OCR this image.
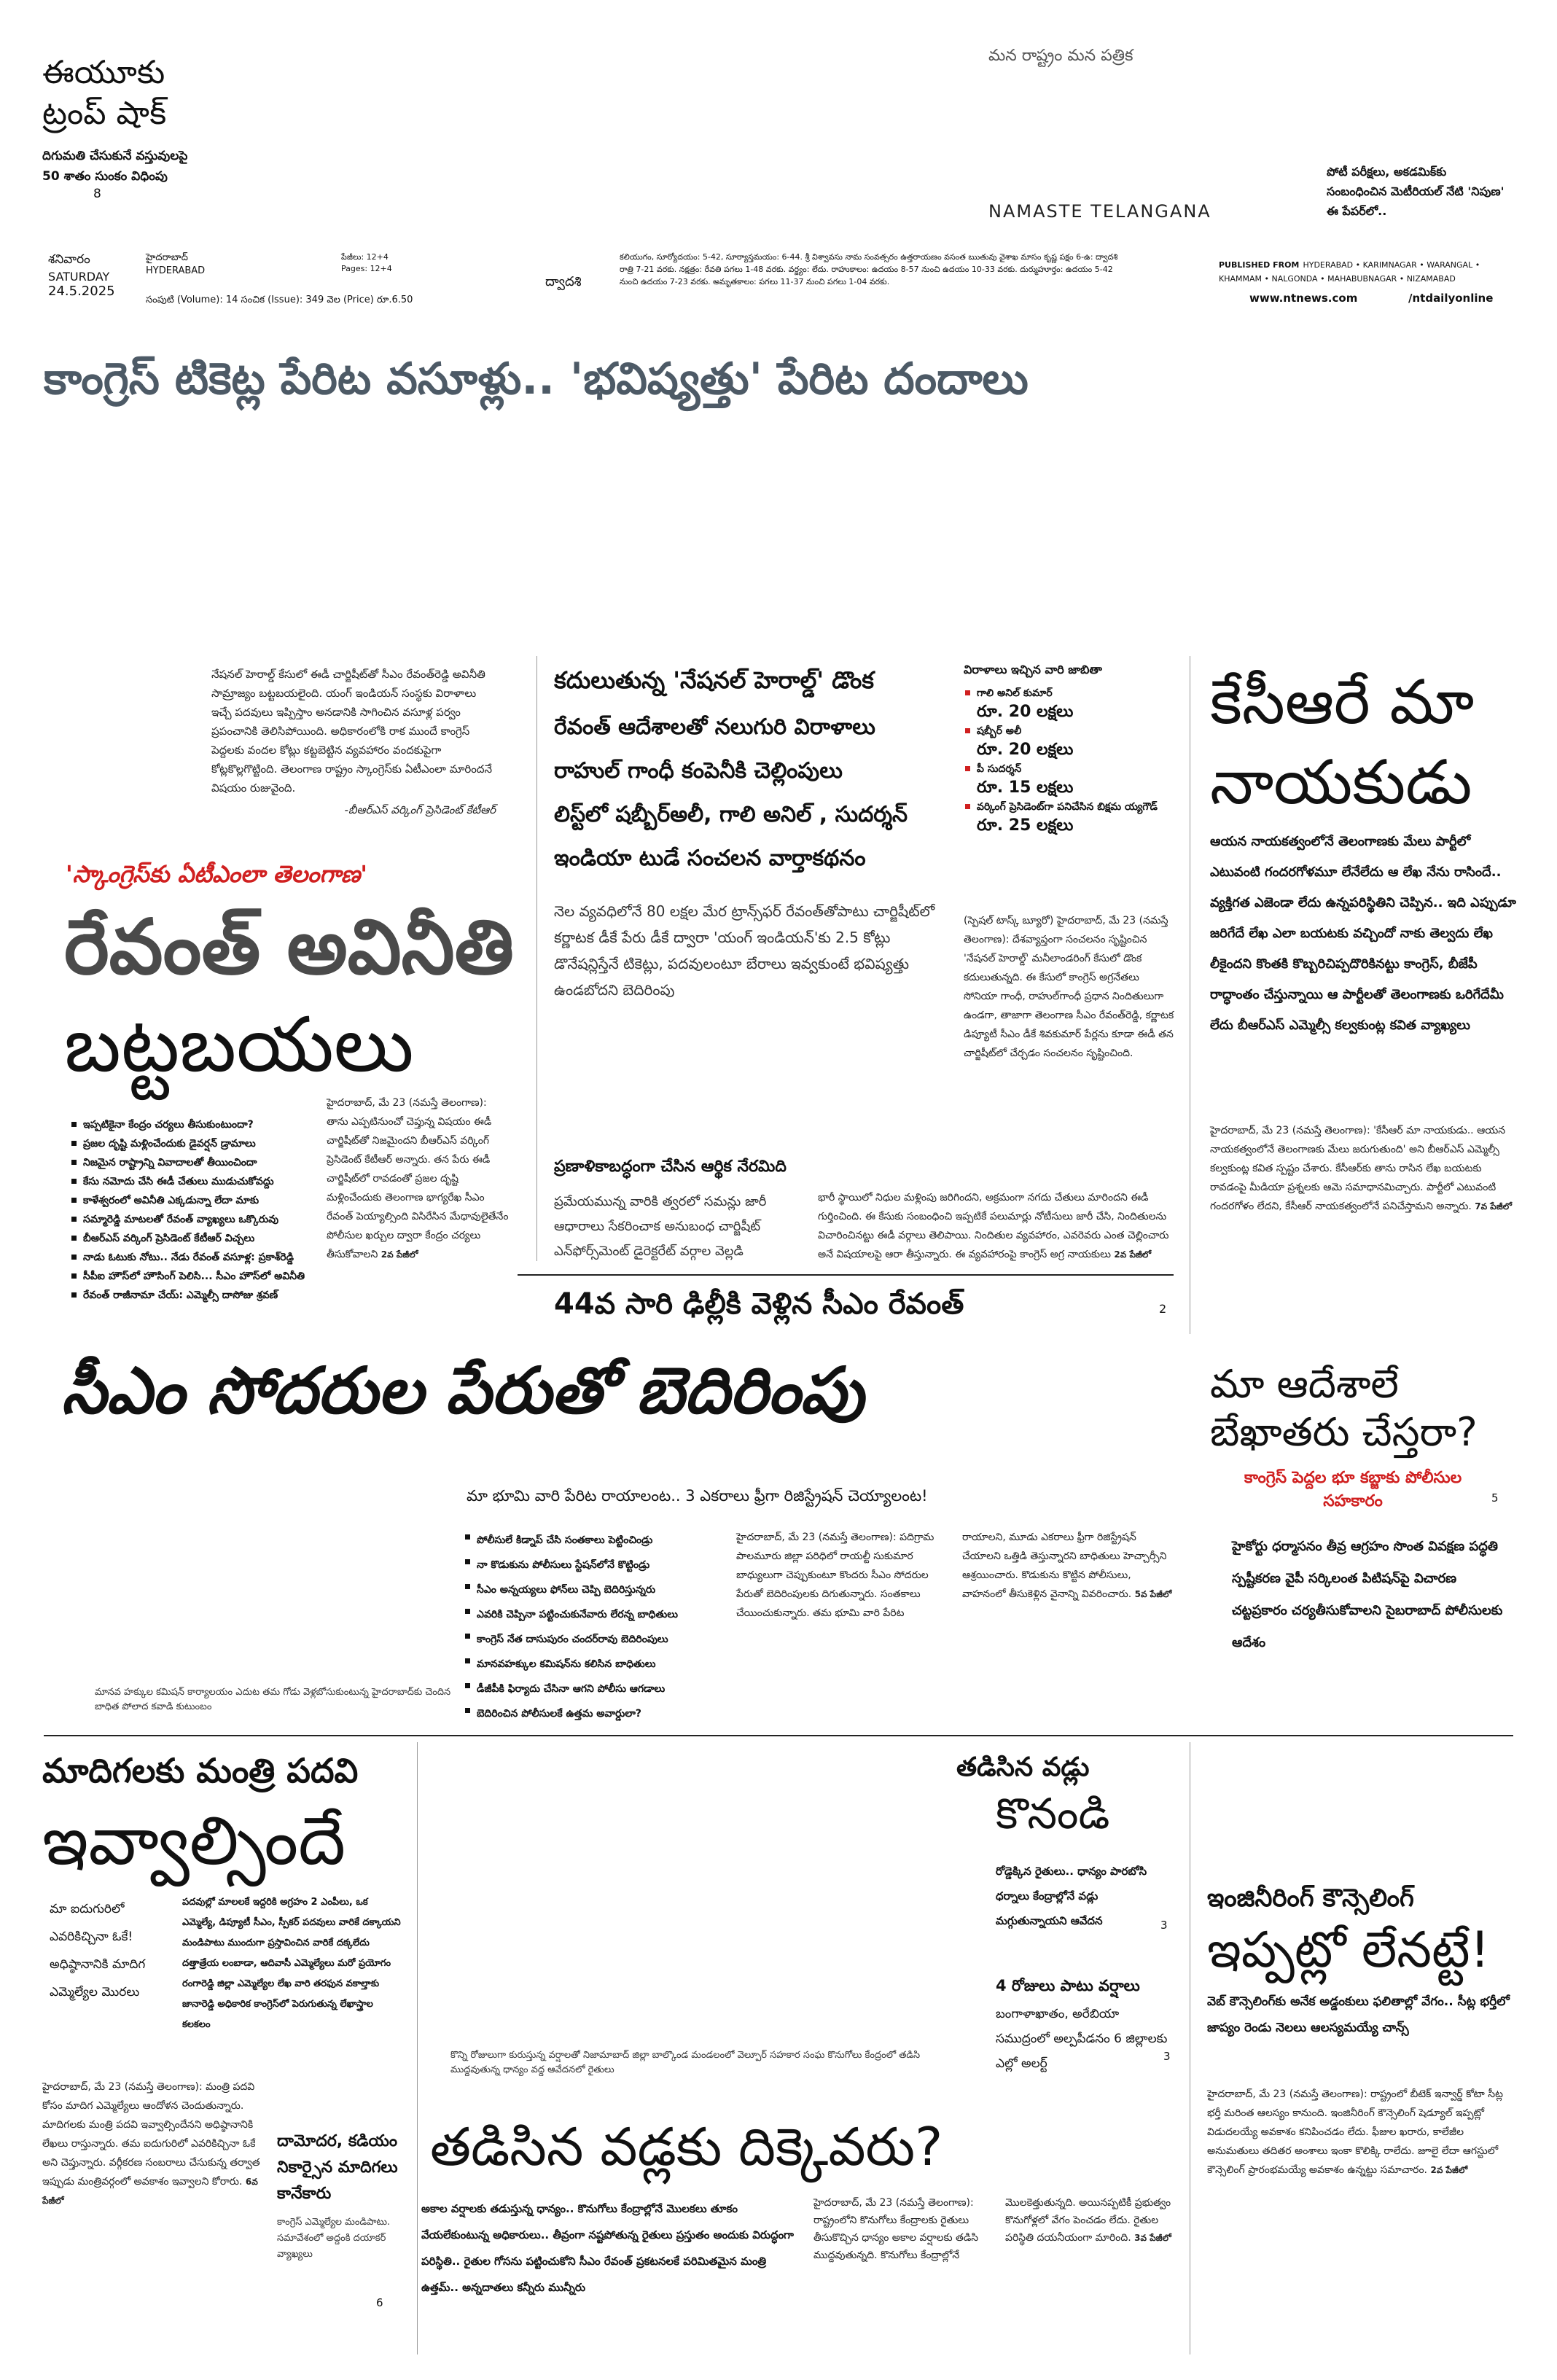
ఈయూకు ట్రంప్ షాక్
దిగుమతి చేసుకునే వస్తువులపై 50 శాతం సుంకం విధింపు
8
మన రాష్ట్రం మన పత్రిక
NAMASTE TELANGANA
పోటీ పరీక్షలు, అకడమిక్‌కు సంబంధించిన మెటీరియల్ నేటి 'నిపుణ' ఈ పేపర్‌లో..
శనివారం
SATURDAY
24.5.2025
హైదరాబాద్
HYDERABAD
పేజీలు: 12+4
Pages: 12+4
సంపుటి (Volume): 14 సంచిక (Issue): 349 వెల (Price) రూ.6.50
ద్వాదశి
కలియుగం, సూర్యోదయం: 5-42, సూర్యాస్తమయం: 6-44. శ్రీ విశ్వావసు నామ సంవత్సరం ఉత్తరాయణం వసంత ఋతువు వైశాఖ మాసం కృష్ణ పక్షం 6-ఉ: ద్వాదశి రాత్రి 7-21 వరకు. నక్షత్రం: రేవతి పగలు 1-48 వరకు. వర్జ్యం: లేదు. రాహుకాలం: ఉదయం 8-57 నుంచి ఉదయం 10-33 వరకు. దుర్ముహూర్తం: ఉదయం 5-42 నుంచి ఉదయం 7-23 వరకు. అమృతకాలం: పగలు 11-37 నుంచి పగలు 1-04 వరకు.
PUBLISHED FROM HYDERABAD • KARIMNAGAR • WARANGAL • KHAMMAM • NALGONDA • MAHABUBNAGAR • NIZAMABAD
www.ntnews.com	/ntdailyonline
కాంగ్రెస్ టికెట్ల పేరిట వసూళ్లు.. 'భవిష్యత్తు' పేరిట దందాలు
నేషనల్ హెరాల్డ్ కేసులో ఈడీ చార్జిషీట్‌తో సీఎం రేవంత్‌రెడ్డి అవినీతి సామ్రాజ్యం బట్టబయలైంది. యంగ్ ఇండియన్ సంస్థకు విరాళాలు ఇచ్చే పదవులు ఇప్పిస్తాం అనడానికి సాగించిన వసూళ్ల పర్వం ప్రపంచానికి తెలిసిపోయింది. అధికారంలోకి రాక ముందే కాంగ్రెస్ పెద్దలకు వందల కోట్లు కట్టబెట్టిన వ్యవహారం వందకుపైగా కోట్లకొల్లగొట్టింది. తెలంగాణ రాష్ట్రం స్కాంగ్రెస్‌కు ఏటీఎంలా మారిందనే విషయం రుజువైంది.
-బీఆర్‌ఎస్ వర్కింగ్ ప్రెసిడెంట్ కేటీఆర్
'స్కాంగ్రెస్‌కు ఏటీఎంలా తెలంగాణ'
రేవంత్ అవినీతి
బట్టబయలు
ఇప్పటికైనా కేంద్రం చర్యలు తీసుకుంటుందా?
ప్రజల దృష్టి మళ్లించేందుకు డైవర్షన్ డ్రామాలు
నిజమైన రాష్ట్రాన్ని వివాదాలతో తీయించిందా
కేసు నమోదు చేసి ఈడీ చేతులు ముడుచుకోవద్దు
కాళేశ్వరంలో అవినీతి ఎక్కడున్నా లేదా మాకు
సమ్మారెడ్డి మాటలతో రేవంత్ వ్యాఖ్యలు ఒక్కొరువు
బీఆర్‌ఎస్ వర్కింగ్ ప్రెసిడెంట్ కేటీఆర్ విచ్చలు
నాడు ఓటుకు నోటు.. నేడు రేవంత్ వసూళ్ల: ప్రకాశ్‌రెడ్డి
సీపీఐ హౌస్‌లో హౌసింగ్ పెలిసి... సీఎం హౌస్‌లో అవినీతి
రేవంత్ రాజీనామా చేయ్: ఎమ్మెల్సీ దాసోజు శ్రవణ్
హైదరాబాద్, మే 23 (నమస్తే తెలంగాణ): తాను ఎప్పటినుంచో చెప్తున్న విషయం ఈడీ చార్జిషీట్‌తో నిజమైందని బీఆర్‌ఎస్ వర్కింగ్ ప్రెసిడెంట్ కేటీఆర్ అన్నారు. తన పేరు ఈడీ చార్జిషీట్‌లో రావడంతో ప్రజల దృష్టి మళ్లించేందుకు తెలంగాణ భాగ్యరేఖ సీఎం రేవంత్ పెయ్యాల్సింది విసిరేసిన మేధావులైతేనేం పోలీసుల ఖర్చుల ద్వారా కేంద్రం చర్యలు తీసుకోవాలని 2వ పేజీలో
కదులుతున్న 'నేషనల్ హెరాల్డ్' డొంక
రేవంత్ ఆదేశాలతో నలుగురి విరాళాలు
రాహుల్ గాంధీ కంపెనీకి చెల్లింపులు
లిస్ట్‌లో షబ్బీర్‌అలీ, గాలి అనిల్ , సుదర్శన్
ఇండియా టుడే సంచలన వార్తాకథనం
విరాళాలు ఇచ్చిన వారి జాబితా
గాలి అనిల్ కుమార్
రూ. 20 లక్షలు
షబ్బీర్ అలీ
రూ. 20 లక్షలు
పీ సుదర్శన్
రూ. 15 లక్షలు
వర్కింగ్ ప్రెసిడెంట్‌గా పనిచేసిన బిక్షమ య్యగౌడ్
రూ. 25 లక్షలు
నెల వ్యవధిలోనే 80 లక్షల మేర ట్రాన్స్‌ఫర్ రేవంత్‌తోపాటు చార్జిషీట్‌లో కర్ణాటక డీకే పేరు డీకే ద్వారా 'యంగ్ ఇండియన్'కు 2.5 కోట్లు డొనేషన్లిస్తేనే టికెట్లు, పదవులంటూ బేరాలు ఇవ్వకుంటే భవిష్యత్తు ఉండబోదని బెదిరింపు
(స్పెషల్ టాస్క్ బ్యూరో) హైదరాబాద్, మే 23 (నమస్తే తెలంగాణ): దేశవ్యాప్తంగా సంచలనం సృష్టించిన 'నేషనల్ హెరాల్డ్' మనీలాండరింగ్ కేసులో డొంక కదులుతున్నది. ఈ కేసులో కాంగ్రెస్ అగ్రనేతలు సోనియా గాంధీ, రాహుల్‌గాంధీ ప్రధాన నిందితులుగా ఉండగా, తాజాగా తెలంగాణ సీఎం రేవంత్‌రెడ్డి, కర్ణాటక డిప్యూటీ సీఎం డీకే శివకుమార్ పేర్లను కూడా ఈడీ తన చార్జిషీట్‌లో చేర్చడం సంచలనం సృష్టించింది.
భారీ స్థాయిలో నిధుల మళ్లింపు జరిగిందని, అక్రమంగా నగదు చేతులు మారిందని ఈడీ గుర్తించింది. ఈ కేసుకు సంబంధించి ఇప్పటికే పలుమార్లు నోటీసులు జారీ చేసి, నిందితులను విచారించినట్టు ఈడీ వర్గాలు తెలిపాయి. నిందితుల వ్యవహారం, ఎవరెవరు ఎంత చెల్లించారు అనే విషయాలపై ఆరా తీస్తున్నారు. ఈ వ్యవహారంపై కాంగ్రెస్ అగ్ర నాయకులు 2వ పేజీలో
ప్రణాళికాబద్ధంగా చేసిన ఆర్థిక నేరమిది
ప్రమేయమున్న వారికి త్వరలో సమన్లు జారీ ఆధారాలు సేకరించాక అనుబంధ చార్జిషీట్ ఎన్‌ఫోర్స్‌మెంట్ డైరెక్టరేట్ వర్గాల వెల్లడి
44వ సారి ఢిల్లీకి వెళ్లిన సీఎం రేవంత్	2
కేసీఆరే మా
నాయకుడు
ఆయన నాయకత్వంలోనే తెలంగాణకు మేలు పార్టీలో ఎటువంటి గందరగోళమూ లేనేలేదు ఆ లేఖ నేను రాసిందే.. వ్యక్తిగత ఎజెండా లేదు ఉన్నపరిస్థితిని చెప్పిన.. ఇది ఎప్పుడూ జరిగేదే లేఖ ఎలా బయటకు వచ్చిందో నాకు తెల్వదు లేఖ లీకైందని కొంతకి కొబ్బరిచిప్పదొరికినట్టు కాంగ్రెస్, బీజేపీ రాద్ధాంతం చేస్తున్నాయి ఆ పార్టీలతో తెలంగాణకు ఒరిగేదేమీ లేదు బీఆర్‌ఎస్ ఎమ్మెల్సీ కల్వకుంట్ల కవిత వ్యాఖ్యలు
హైదరాబాద్, మే 23 (నమస్తే తెలంగాణ): 'కేసీఆర్ మా నాయకుడు.. ఆయన నాయకత్వంలోనే తెలంగాణకు మేలు జరుగుతుంది' అని బీఆర్‌ఎస్ ఎమ్మెల్సీ కల్వకుంట్ల కవిత స్పష్టం చేశారు. కేసీఆర్‌కు తాను రాసిన లేఖ బయటకు రావడంపై మీడియా ప్రశ్నలకు ఆమె సమాధానమిచ్చారు. పార్టీలో ఎటువంటి గందరగోళం లేదని, కేసీఆర్ నాయకత్వంలోనే పనిచేస్తామని అన్నారు. 7వ పేజీలో
సీఎం సోదరుల పేరుతో బెదిరింపు
మా భూమి వారి పేరిట రాయాలంట.. 3 ఎకరాలు ఫ్రీగా రిజిస్ట్రేషన్ చెయ్యాలంట!
మానవ హక్కుల కమిషన్ కార్యాలయం ఎదుట తమ గోడు వెళ్లబోసుకుంటున్న హైదరాబాద్‌కు చెందిన బాధిత పోలాద కవాడి కుటుంబం
పోలీసులే కిడ్నాప్ చేసి సంతకాలు పెట్టించిండ్రు
నా కొడుకును పోలీసులు స్టేషన్‌లోనే కొట్టిండ్రు
సీఎం అన్నయ్యలు ఫోన్‌లు చెప్పి బెదిరిస్తున్నరు
ఎవరికి చెప్పినా పట్టించుకునేవారు లేరన్న బాధితులు
కాంగ్రెస్ నేత దాసుపురం చందర్‌రావు బెదిరింపులు
మానవహక్కుల కమిషన్‌ను కలిసిన బాధితులు
డీజీపీకి ఫిర్యాదు చేసినా ఆగని పోలీసు ఆగడాలు
బెదిరించిన పోలీసులకే ఉత్తమ అవార్డులా?
హైదరాబాద్, మే 23 (నమస్తే తెలంగాణ): పదిగ్రామ పాలమూరు జిల్లా పరిధిలో రాయల్టీ సుకుమార బాధ్యులుగా చెప్పుకుంటూ కొందరు సీఎం సోదరుల పేరుతో బెదిరింపులకు దిగుతున్నారు. సంతకాలు చేయించుకున్నారు. తమ భూమి వారి పేరిట రాయాలని, మూడు ఎకరాలు ఫ్రీగా రిజిస్ట్రేషన్ చేయాలని ఒత్తిడి తెస్తున్నారని బాధితులు హెచ్చార్సీని ఆశ్రయించారు. కొడుకును కొట్టిన పోలీసులు, వాహనంలో తీసుకెళ్లిన వైనాన్ని వివరించారు. 5వ పేజీలో
మా ఆదేశాలే
బేఖాతరు చేస్తరా?
కాంగ్రెస్ పెద్దల భూ కబ్జాకు పోలీసుల సహకారం	5
హైకోర్టు ధర్మాసనం తీవ్ర ఆగ్రహం సొంత వివక్షణ పద్ధతి స్పష్టీకరణ వైపీ సర్కిలంత పిటిషన్‌పై విచారణ చట్టప్రకారం చర్యతీసుకోవాలని సైబరాబాద్ పోలీసులకు ఆదేశం
మాదిగలకు మంత్రి పదవి
ఇవ్వాల్సిందే
మా ఐదుగురిలో ఎవరికిచ్చినా ఓకే! అధిష్ఠానానికి మాదిగ ఎమ్మెల్యేల మొరలు
పదవుల్లో మాలలకే ఇద్దరికి అగ్రహం 2 ఎంపీలు, ఒక ఎమ్మెల్యే, డిప్యూటీ సీఎం, స్పీకర్ పదవులు వారికే దక్కాయని మండిపాటు ముందుగా ప్రస్తావించిన వారికే దక్కలేదు దత్తాత్రేయ లంబాడా, ఆదివాసీ ఎమ్మెల్యేలు మరో ప్రయోగం రంగారెడ్డి జిల్లా ఎమ్మెల్యేల లేఖ వారి తరఫున వకాల్తాకు జానారెడ్డి అధికారిక కాంగ్రెస్‌లో పెరుగుతున్న లేఖాస్త్రాల కలకలం
హైదరాబాద్, మే 23 (నమస్తే తెలంగాణ): మంత్రి పదవి కోసం మాదిగ ఎమ్మెల్యేలు ఆందోళన చెందుతున్నారు. మాదిగలకు మంత్రి పదవి ఇవ్వాల్సిందేనని అధిష్ఠానానికి లేఖలు రాస్తున్నారు. తమ ఐదుగురిలో ఎవరికిచ్చినా ఓకే అని చెప్తున్నారు. వర్గీకరణ సంబరాలు చేసుకున్న తర్వాత ఇప్పుడు మంత్రివర్గంలో అవకాశం ఇవ్వాలని కోరారు. 6వ పేజీలో
దామోదర, కడియం నికార్సైన మాదిగలు కానేకారు
కాంగ్రెస్ ఎమ్మెల్యేల మండిపాటు. సమావేశంలో అద్దంకి దయాకర్ వ్యాఖ్యలు
6
తడిసిన వడ్లు
కొనండి
రోడ్డెక్కిన రైతులు.. ధాన్యం పారబోసి ధర్నాలు కేంద్రాల్లోనే వడ్లు మగ్గుతున్నాయని ఆవేదన	3
4 రోజులు పాటు వర్షాలు
బంగాళాఖాతం, అరేబియా సముద్రంలో అల్పపీడనం 6 జిల్లాలకు ఎల్లో అలర్ట్	3
కొన్ని రోజులుగా కురుస్తున్న వర్షాలతో నిజామాబాద్ జిల్లా బాల్కొండ మండలంలో వెల్పూర్ సహకార సంఘ కొనుగోలు కేంద్రంలో తడిసి ముద్దవుతున్న ధాన్యం వద్ద ఆవేదనలో రైతులు
తడిసిన వడ్లకు దిక్కెవరు?
అకాల వర్షాలకు తడుస్తున్న ధాన్యం.. కొనుగోలు కేంద్రాల్లోనే మొలకలు తూకం వేయలేకుంటున్న అధికారులు.. తీవ్రంగా నష్టపోతున్న రైతులు ప్రస్తుతం అందుకు విరుద్ధంగా పరిస్థితి.. రైతుల గోసను పట్టించుకోని సీఎం రేవంత్ ప్రకటనలకే పరిమితమైన మంత్రి ఉత్తమ్.. అన్నదాతలు కన్నీరు మున్నీరు
హైదరాబాద్, మే 23 (నమస్తే తెలంగాణ): రాష్ట్రంలోని కొనుగోలు కేంద్రాలకు రైతులు తీసుకొచ్చిన ధాన్యం అకాల వర్షాలకు తడిసి ముద్దవుతున్నది. కొనుగోలు కేంద్రాల్లోనే మొలకెత్తుతున్నది. అయినప్పటికీ ప్రభుత్వం కొనుగోళ్లలో వేగం పెంచడం లేదు. రైతుల పరిస్థితి దయనీయంగా మారింది. 3వ పేజీలో
ఇంజినీరింగ్ కౌన్సెలింగ్
ఇప్పట్లో లేనట్టే!
వెబ్ కౌన్సెలింగ్‌కు అనేక అడ్డంకులు ఫలితాల్లో వేగం.. సీట్ల భర్తీలో జాప్యం రెండు నెలలు ఆలస్యమయ్యే చాన్స్
హైదరాబాద్, మే 23 (నమస్తే తెలంగాణ): రాష్ట్రంలో బీటెక్ ఇన్వార్డ్ కోటా సీట్ల భర్తీ మరింత ఆలస్యం కానుంది. ఇంజినీరింగ్ కౌన్సెలింగ్ షెడ్యూల్ ఇప్పట్లో విడుదలయ్యే అవకాశం కనిపించడం లేదు. ఫీజుల ఖరారు, కాలేజీల అనుమతులు తదితర అంశాలు ఇంకా కొలిక్కి రాలేదు. జూలై లేదా ఆగస్టులో కౌన్సెలింగ్ ప్రారంభమయ్యే అవకాశం ఉన్నట్టు సమాచారం. 2వ పేజీలో
